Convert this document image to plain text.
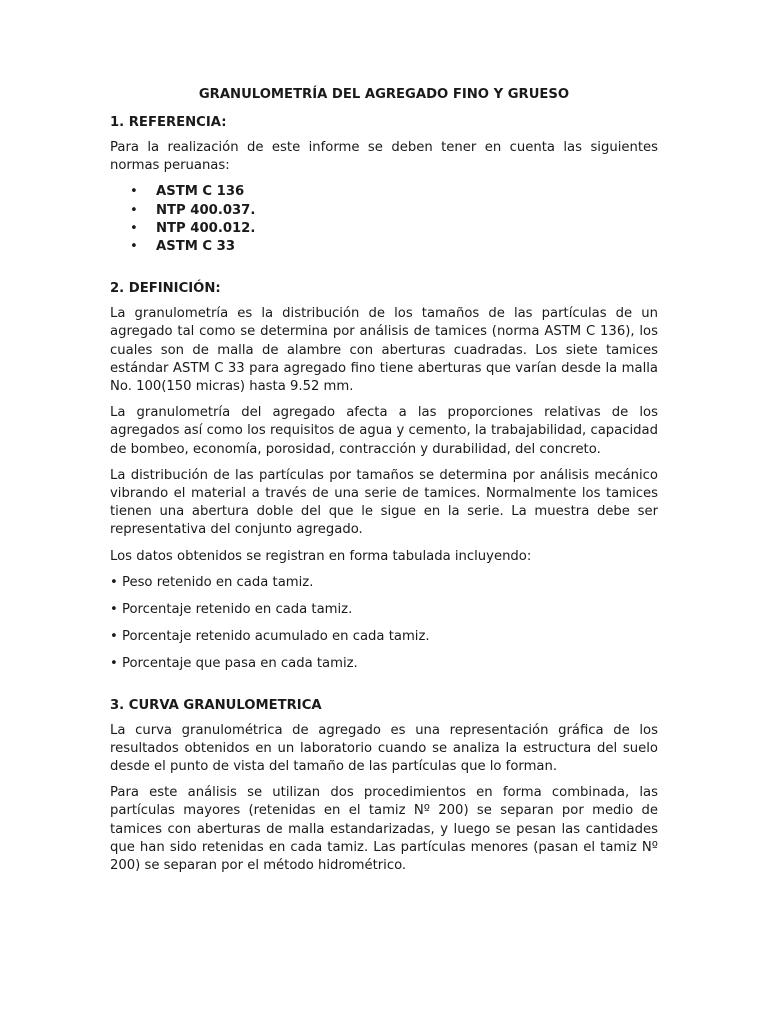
GRANULOMETRÍA DEL AGREGADO FINO Y GRUESO
1. REFERENCIA:

Para la realización de este informe se deben tener en cuenta las siguientes normas peruanas:

• ASTM C 136
• NTP 400.037.
• NTP 400.012.
• ASTM C 33
2. DEFINICIÓN:

La granulometría es la distribución de los tamaños de las partículas de un agregado tal como se determina por análisis de tamices (norma ASTM C 136), los cuales son de malla de alambre con aberturas cuadradas. Los siete tamices estándar ASTM C 33 para agregado fino tiene aberturas que varían desde la malla No. 100(150 micras) hasta 9.52 mm.

La granulometría del agregado afecta a las proporciones relativas de los agregados así como los requisitos de agua y cemento, la trabajabilidad, capacidad de bombeo, economía, porosidad, contracción y durabilidad, del concreto.

La distribución de las partículas por tamaños se determina por análisis mecánico vibrando el material a través de una serie de tamices. Normalmente los tamices tienen una abertura doble del que le sigue en la serie. La muestra debe ser representativa del conjunto agregado.

Los datos obtenidos se registran en forma tabulada incluyendo:

• Peso retenido en cada tamiz.

• Porcentaje retenido en cada tamiz.

• Porcentaje retenido acumulado en cada tamiz.

• Porcentaje que pasa en cada tamiz.

3. CURVA GRANULOMETRICA

La curva granulométrica de agregado es una representación gráfica de los resultados obtenidos en un laboratorio cuando se analiza la estructura del suelo desde el punto de vista del tamaño de las partículas que lo forman.

Para este análisis se utilizan dos procedimientos en forma combinada, las partículas mayores (retenidas en el tamiz Nº 200) se separan por medio de tamices con aberturas de malla estandarizadas, y luego se pesan las cantidades que han sido retenidas en cada tamiz. Las partículas menores (pasan el tamiz Nº 200) se separan por el método hidrométrico.
